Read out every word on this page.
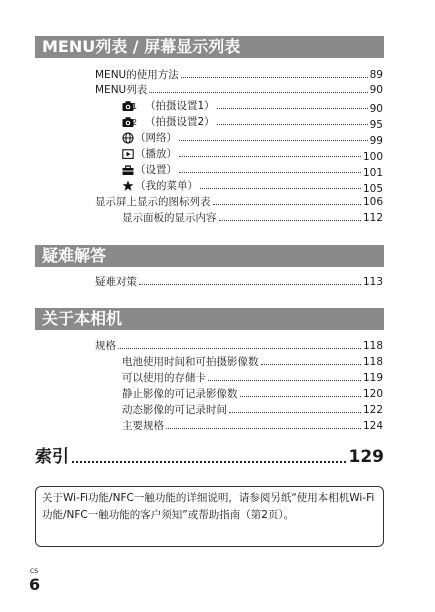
MENU列表 / 屏幕显示列表
MENU的使用方法	89
MENU列表	90
1 （拍摄设置1）	90
2 （拍摄设置2）	95
（网络）	99
（播放）	100
（设置）	101
（我的菜单）	105
显示屏上显示的图标列表	106
显示面板的显示内容	112
疑难解答
疑难对策	113
关于本相机
规格	118
电池使用时间和可拍摄影像数	118
可以使用的存储卡	119
静止影像的可记录影像数	120
动态影像的可记录时间	122
主要规格	124
索引	129
关于Wi-Fi功能/NFC一触功能的详细说明，请参阅另纸“使用本相机Wi-Fi功能/NFC一触功能的客户须知”或帮助指南（第2页）。
CS
6
